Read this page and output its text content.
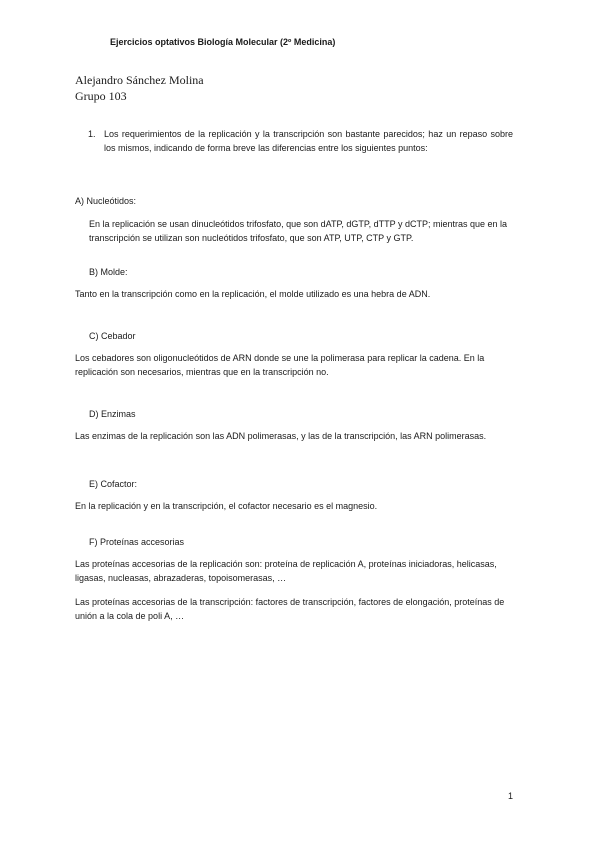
Ejercicios optativos Biología Molecular (2º Medicina)

Alejandro Sánchez Molina

Grupo 103

1. Los requerimientos de la replicación y la transcripción son bastante parecidos; haz un repaso sobre los mismos, indicando de forma breve las diferencias entre los siguientes puntos:

A) Nucleótidos:

En la replicación se usan dinucleótidos trifosfato, que son dATP, dGTP, dTTP y dCTP; mientras que en la transcripción se utilizan son nucleótidos trifosfato, que son ATP, UTP, CTP y GTP.

B) Molde:

Tanto en la transcripción como en la replicación, el molde utilizado es una hebra de ADN.

C) Cebador

Los cebadores son oligonucleótidos de ARN donde se une la polimerasa para replicar la cadena. En la replicación son necesarios, mientras que en la transcripción no.

D) Enzimas

Las enzimas de la replicación son las ADN polimerasas, y las de la transcripción, las ARN polimerasas.

E) Cofactor:

En la replicación y en la transcripción, el cofactor necesario es el magnesio.

F) Proteínas accesorias

Las proteínas accesorias de la replicación son: proteína de replicación A, proteínas iniciadoras, helicasas, ligasas, nucleasas, abrazaderas, topoisomerasas, …

Las proteínas accesorias de la transcripción: factores de transcripción, factores de elongación, proteínas de unión a la cola de poli A, …

1
